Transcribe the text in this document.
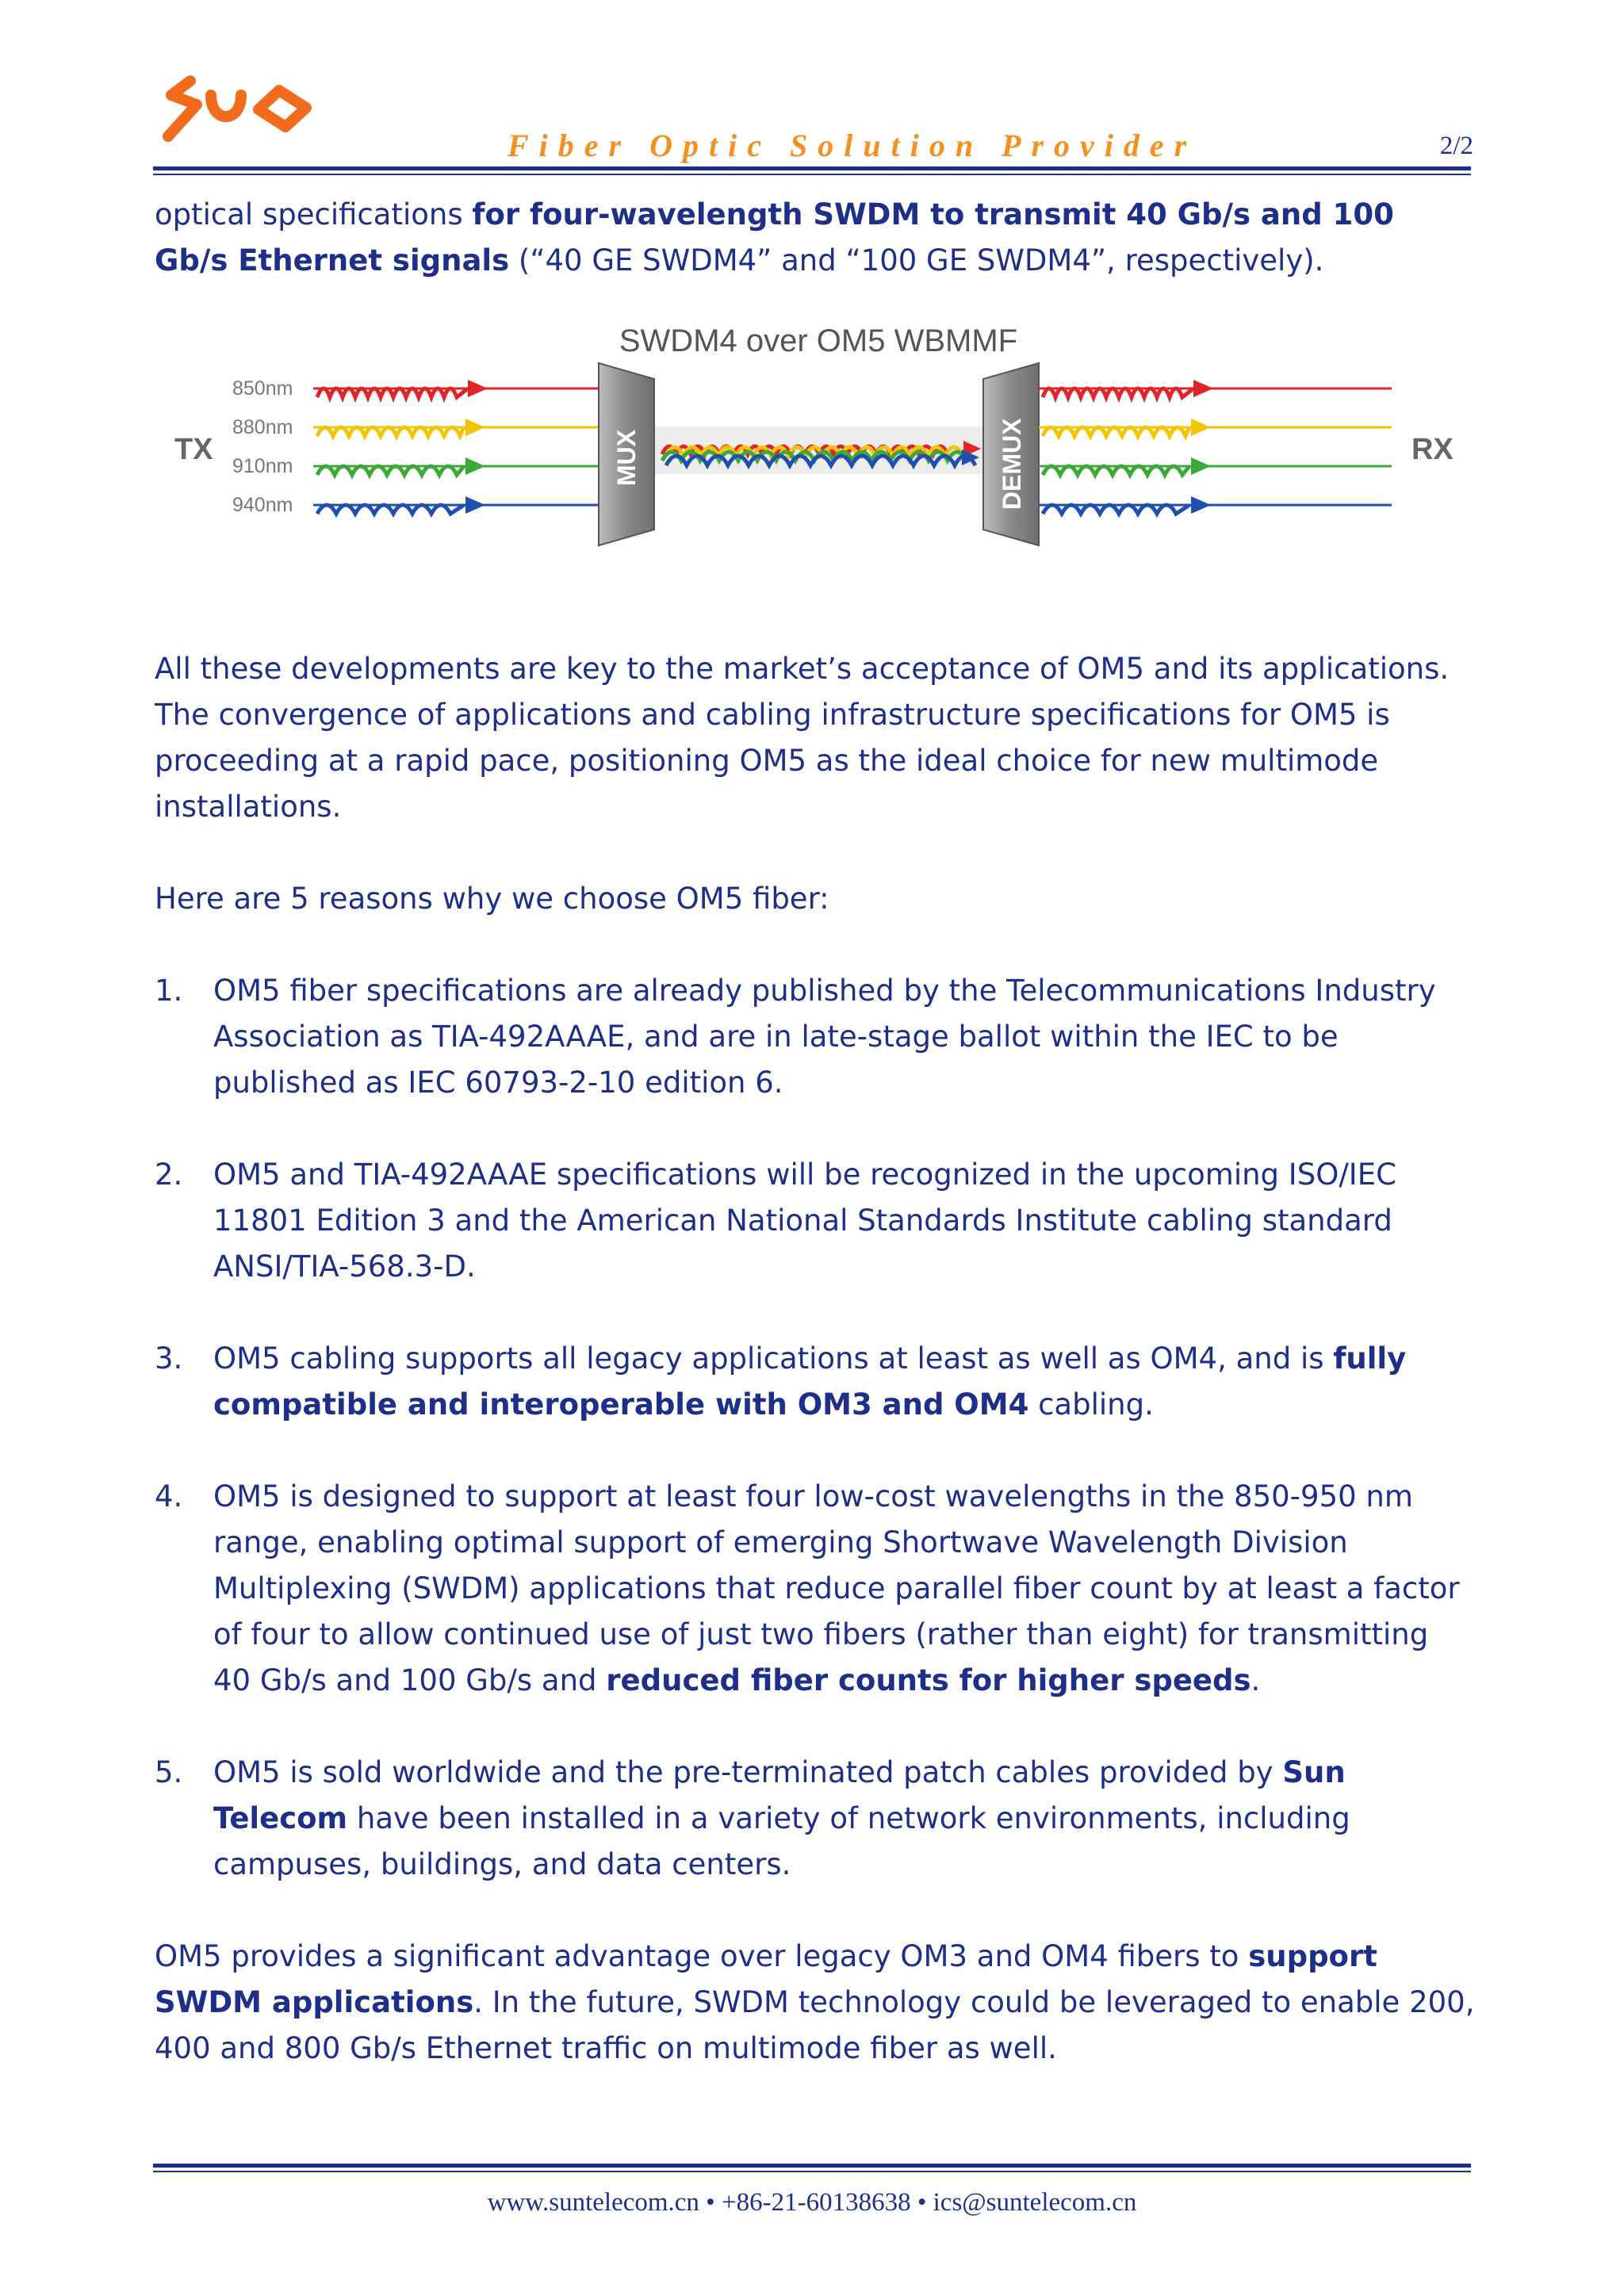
Fiber Optic Solution Provider	2/2

optical specifications for four-wavelength SWDM to transmit 40 Gb/s and 100 Gb/s Ethernet signals (“40 GE SWDM4” and “100 GE SWDM4”, respectively).

SWDM4 over OM5 WBMMF
TX	RX
850nm
880nm
910nm
940nm
MUX	DEMUX

All these developments are key to the market’s acceptance of OM5 and its applications. The convergence of applications and cabling infrastructure specifications for OM5 is proceeding at a rapid pace, positioning OM5 as the ideal choice for new multimode installations.

Here are 5 reasons why we choose OM5 fiber:

1. OM5 fiber specifications are already published by the Telecommunications Industry Association as TIA-492AAAE, and are in late-stage ballot within the IEC to be published as IEC 60793-2-10 edition 6.
2. OM5 and TIA-492AAAE specifications will be recognized in the upcoming ISO/IEC 11801 Edition 3 and the American National Standards Institute cabling standard ANSI/TIA-568.3-D.
3. OM5 cabling supports all legacy applications at least as well as OM4, and is fully compatible and interoperable with OM3 and OM4 cabling.
4. OM5 is designed to support at least four low-cost wavelengths in the 850-950 nm range, enabling optimal support of emerging Shortwave Wavelength Division Multiplexing (SWDM) applications that reduce parallel fiber count by at least a factor of four to allow continued use of just two fibers (rather than eight) for transmitting 40 Gb/s and 100 Gb/s and reduced fiber counts for higher speeds.
5. OM5 is sold worldwide and the pre-terminated patch cables provided by Sun Telecom have been installed in a variety of network environments, including campuses, buildings, and data centers.

OM5 provides a significant advantage over legacy OM3 and OM4 fibers to support SWDM applications. In the future, SWDM technology could be leveraged to enable 200, 400 and 800 Gb/s Ethernet traffic on multimode fiber as well.

www.suntelecom.cn • +86-21-60138638 • ics@suntelecom.cn
